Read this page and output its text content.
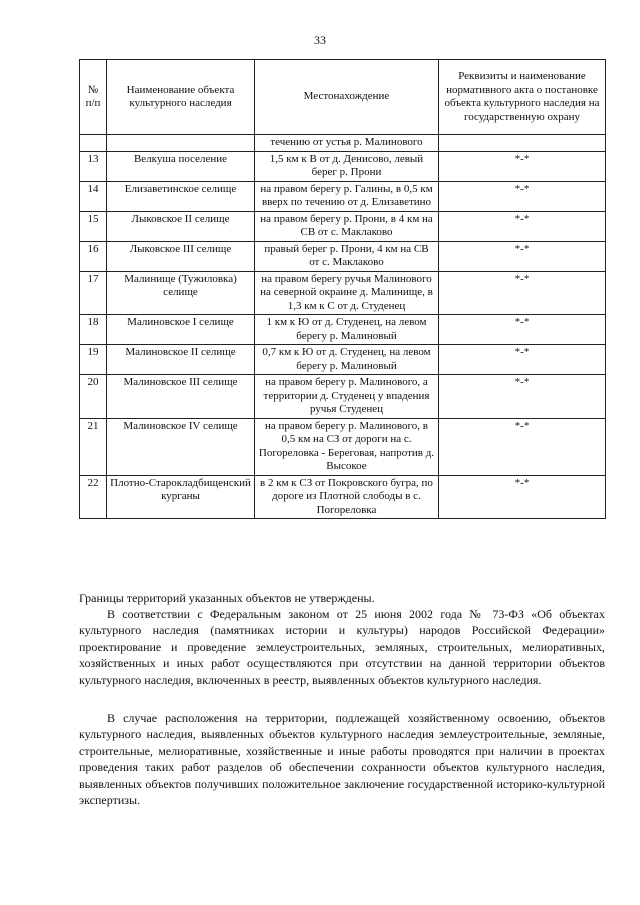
33
№ п/п	Наименование объекта культурного наследия	Местонахождение	Реквизиты и наименование нормативного акта о постановке объекта культурного наследия на государственную охрану
		течению от устья р. Малинового	
13	Велкуша поселение	1,5 км к В от д. Денисово, левый берег р. Прони	*-*
14	Елизаветинское селище	на правом берегу р. Галины, в 0,5 км вверх по течению от д. Елизаветино	*-*
15	Лыковское II селище	на правом берегу р. Прони, в 4 км на СВ от с. Маклаково	*-*
16	Лыковское III селище	правый берег р. Прони, 4 км на СВ от с. Маклаково	*-*
17	Малинище (Тужиловка) селище	на правом берегу ручья Малинового на северной окраине д. Малинище, в 1,3 км к С от д. Студенец	*-*
18	Малиновское I селище	1 км к Ю от д. Студенец, на левом берегу р. Малиновый	*-*
19	Малиновское II селище	0,7 км к Ю от д. Студенец, на левом берегу р. Малиновый	*-*
20	Малиновское III селище	на правом берегу р. Малинового, а территории д. Студенец у впадения ручья Студенец	*-*
21	Малиновское IV селище	на правом берегу р. Малинового, в 0,5 км на СЗ от дороги на с. Погореловка - Береговая, напротив д. Высокое	*-*
22	Плотно-Старокладбищенский курганы	в 2 км к СЗ от Покровского бугра, по дороге из Плотной слободы в с. Погореловка	*-*
Границы территорий указанных объектов не утверждены.
В соответствии с Федеральным законом от 25 июня 2002 года № 73-ФЗ «Об объектах культурного наследия (памятниках истории и культуры) народов Российской Федерации» проектирование и проведение землеустроительных, земляных, строительных, мелиоративных, хозяйственных и иных работ осуществляются при отсутствии на данной территории объектов культурного наследия, включенных в реестр, выявленных объектов культурного наследия.
В случае расположения на территории, подлежащей хозяйственному освоению, объектов культурного наследия, выявленных объектов культурного наследия землеустроительные, земляные, строительные, мелиоративные, хозяйственные и иные работы проводятся при наличии в проектах проведения таких работ разделов об обеспечении сохранности объектов культурного наследия, выявленных объектов получивших положительное заключение государственной историко-культурной экспертизы.
